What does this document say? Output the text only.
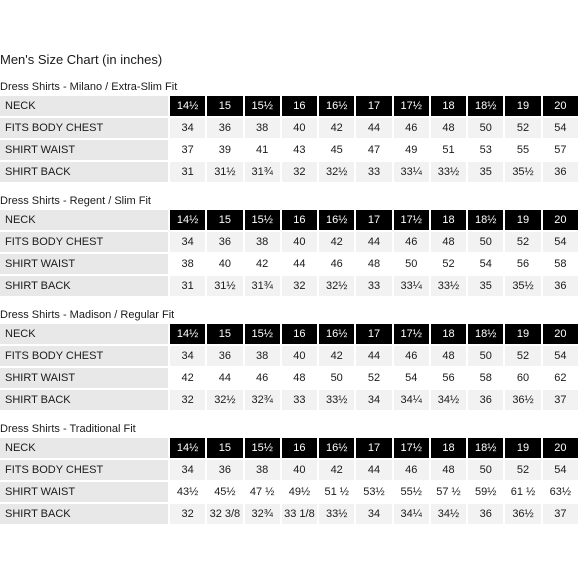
Men's Size Chart (in inches)
Dress Shirts - Milano / Extra-Slim Fit
NECK	14½	15	15½	16	16½	17	17½	18	18½	19	20
FITS BODY CHEST	34	36	38	40	42	44	46	48	50	52	54
SHIRT WAIST	37	39	41	43	45	47	49	51	53	55	57
SHIRT BACK	31	31½	31¾	32	32½	33	33¼	33½	35	35½	36
Dress Shirts - Regent / Slim Fit
NECK	14½	15	15½	16	16½	17	17½	18	18½	19	20
FITS BODY CHEST	34	36	38	40	42	44	46	48	50	52	54
SHIRT WAIST	38	40	42	44	46	48	50	52	54	56	58
SHIRT BACK	31	31½	31¾	32	32½	33	33¼	33½	35	35½	36
Dress Shirts - Madison / Regular Fit
NECK	14½	15	15½	16	16½	17	17½	18	18½	19	20
FITS BODY CHEST	34	36	38	40	42	44	46	48	50	52	54
SHIRT WAIST	42	44	46	48	50	52	54	56	58	60	62
SHIRT BACK	32	32½	32¾	33	33½	34	34¼	34½	36	36½	37
Dress Shirts - Traditional Fit
NECK	14½	15	15½	16	16½	17	17½	18	18½	19	20
FITS BODY CHEST	34	36	38	40	42	44	46	48	50	52	54
SHIRT WAIST	43½	45½	47 ½	49½	51 ½	53½	55½	57 ½	59½	61 ½	63½
SHIRT BACK	32	32 3/8	32¾	33 1/8	33½	34	34¼	34½	36	36½	37
